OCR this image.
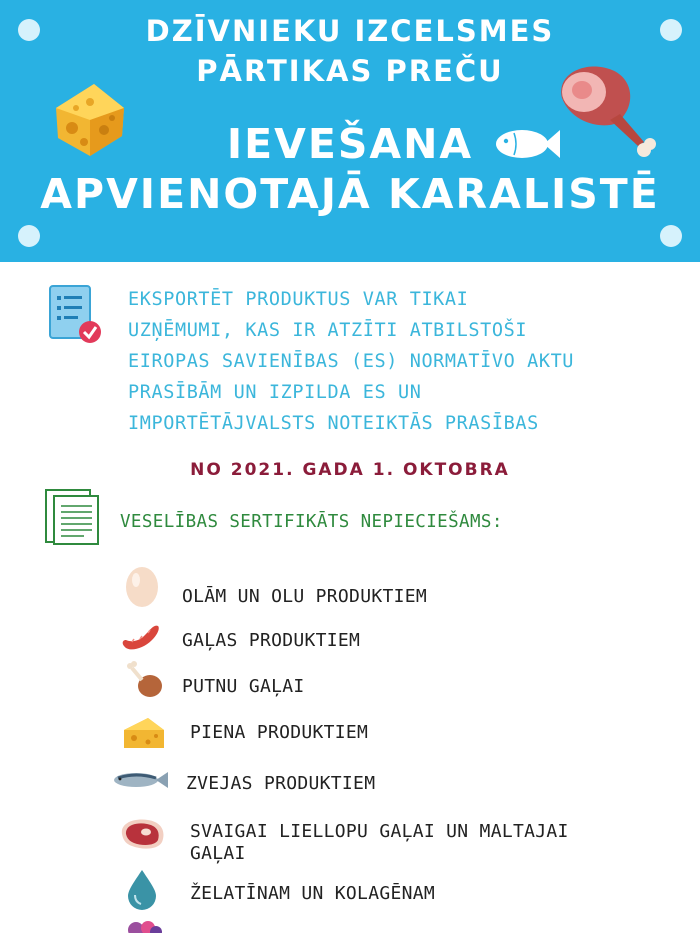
DZĪVNIEKU IZCELSMES
PĀRTIKAS PREČU
IEVEŠANA
APVIENOTAJĀ KARALISTĒ
EKSPORTĒT PRODUKTUS VAR TIKAI
UZŅĒMUMI, KAS IR ATZĪTI ATBILSTOŠI
EIROPAS SAVIENĪBAS (ES) NORMATĪVO AKTU
PRASĪBĀM UN IZPILDA ES UN
IMPORTĒTĀJVALSTS NOTEIKTĀS PRASĪBAS
NO 2021. GADA 1. OKTOBRA
VESELĪBAS SERTIFIKĀTS NEPIECIEŠAMS:
OLĀM UN OLU PRODUKTIEM
GAĻAS PRODUKTIEM
PUTNU GAĻAI
PIENA PRODUKTIEM
ZVEJAS PRODUKTIEM
SVAIGAI LIELLOPU GAĻAI UN MALTAJAI
GAĻAI
ŽELATĪNAM UN KOLAGĒNAM
